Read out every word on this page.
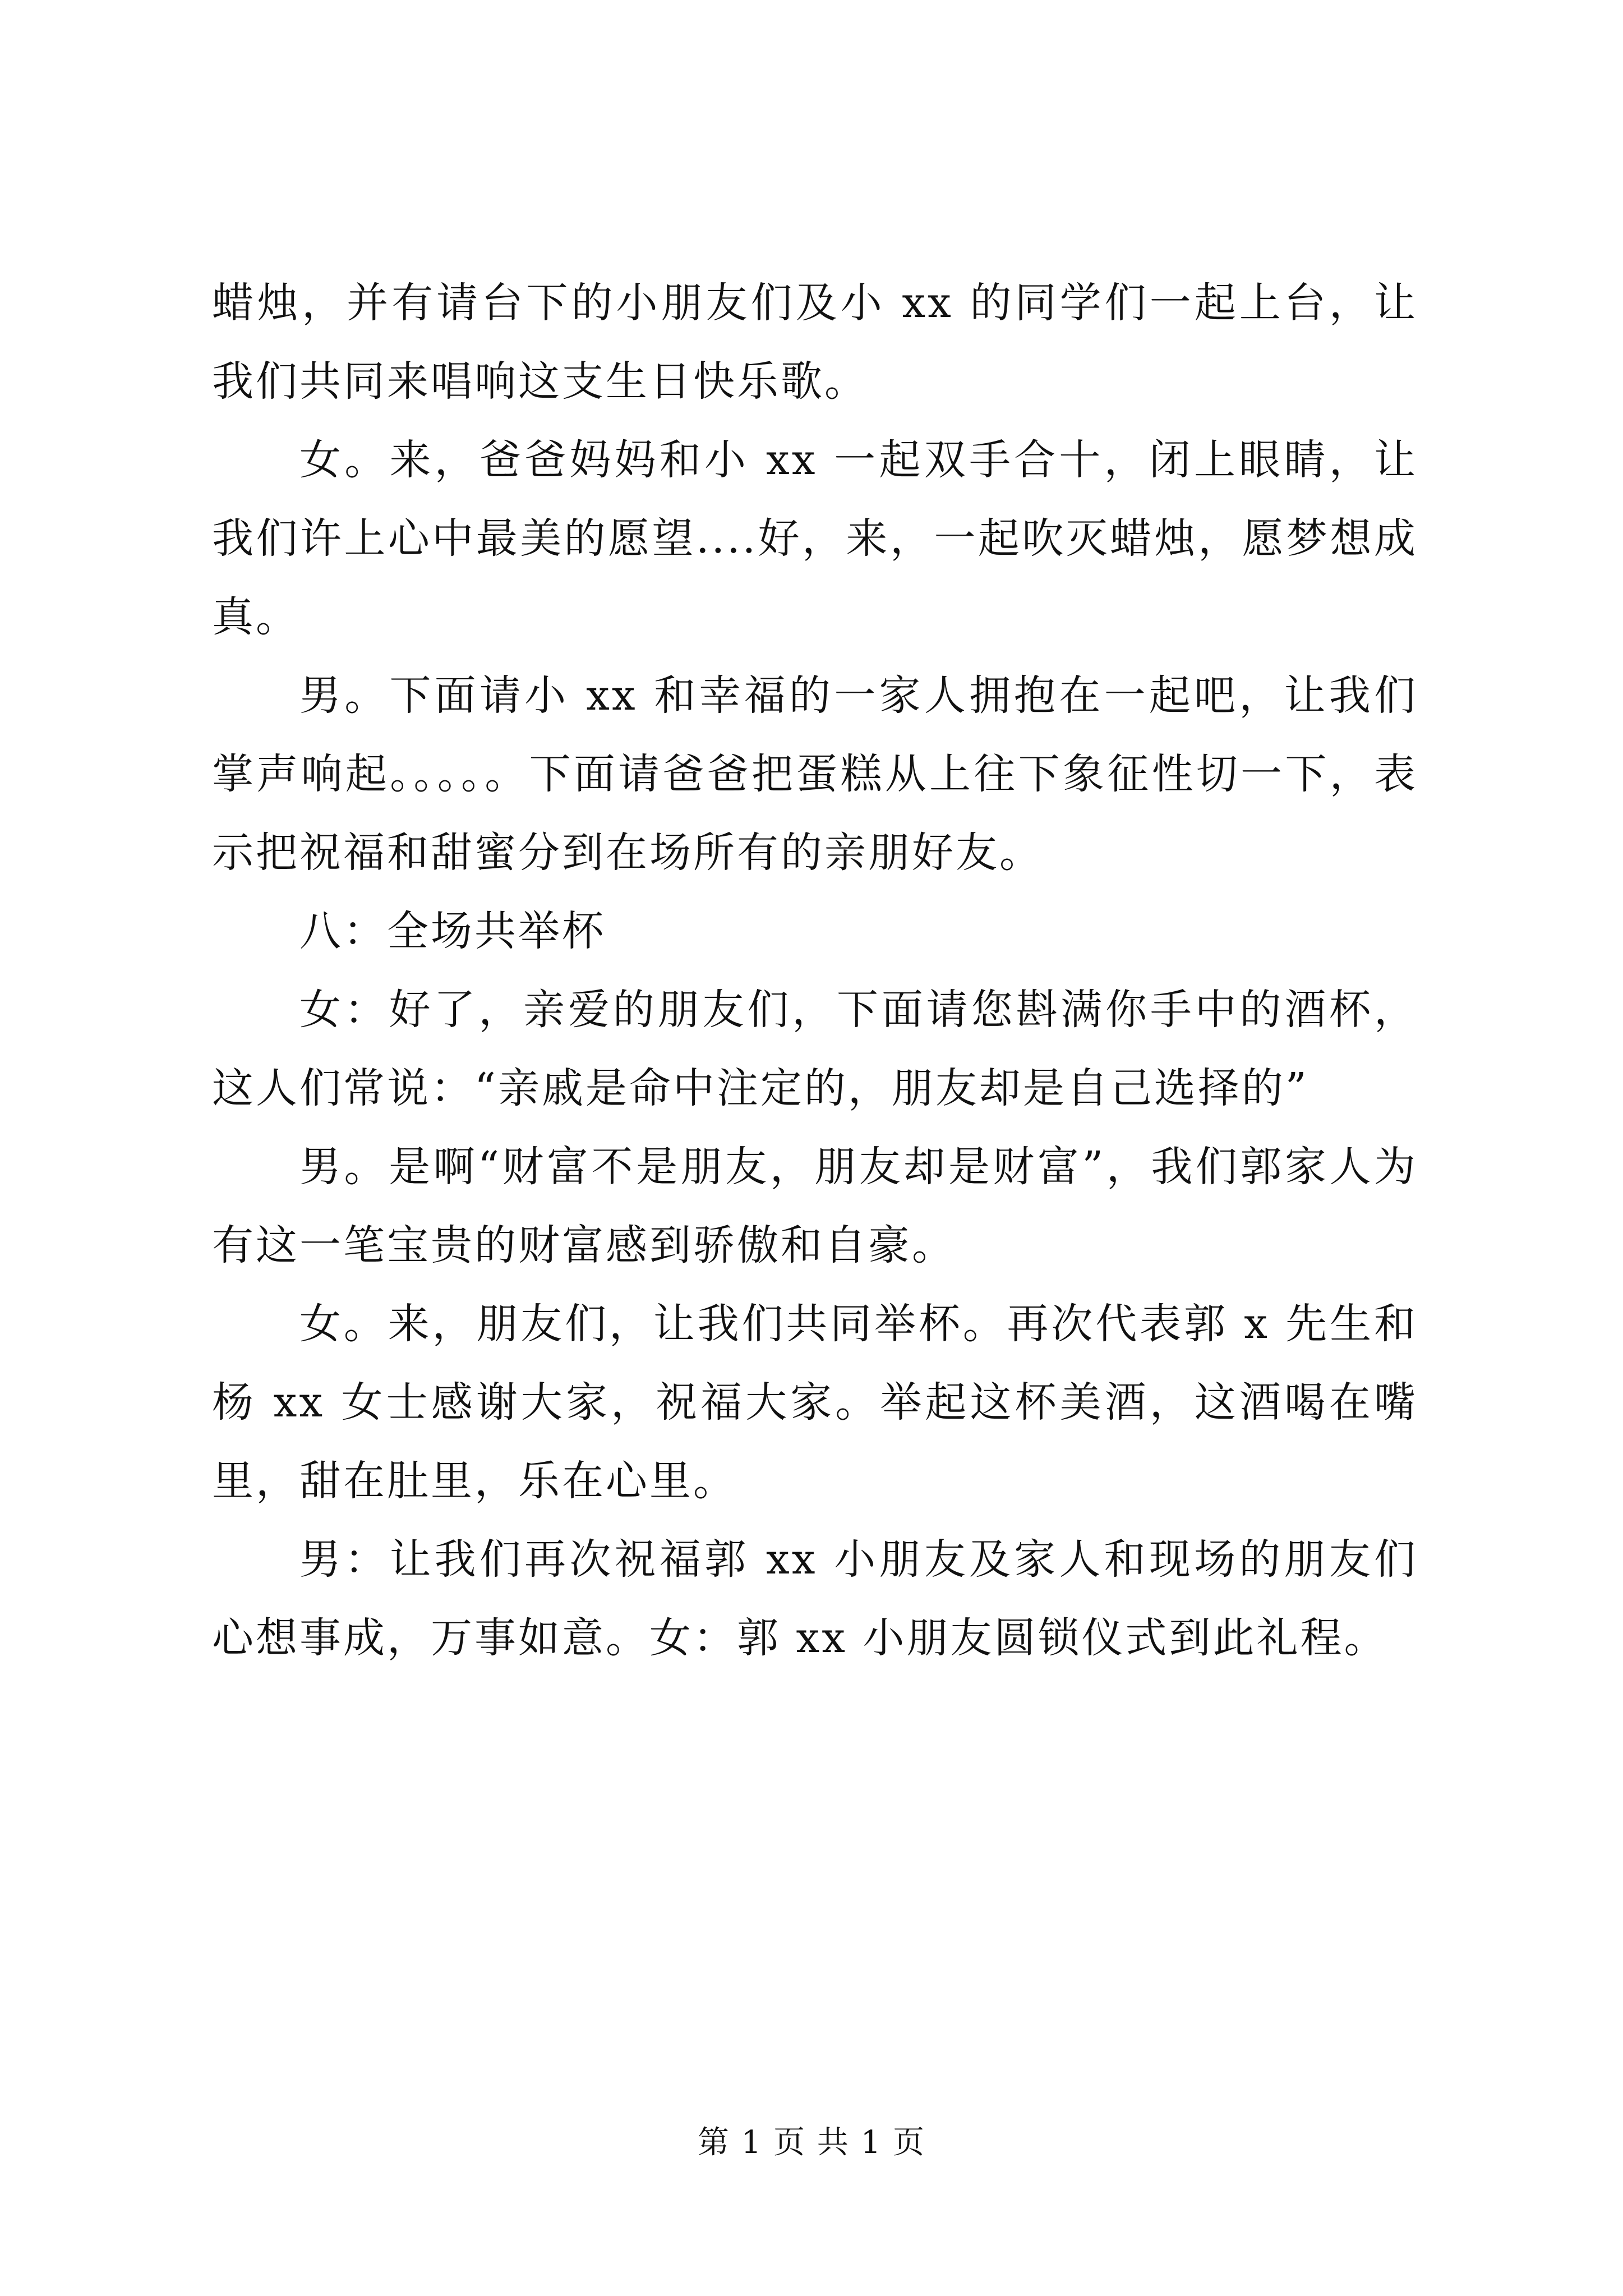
蜡烛，并有请台下的小朋友们及小 xx 的同学们一起上台，让我们共同来唱响这支生日快乐歌。

女。来，爸爸妈妈和小 xx 一起双手合十，闭上眼睛，让我们许上心中最美的愿望....好，来，一起吹灭蜡烛，愿梦想成真。

男。下面请小 xx 和幸福的一家人拥抱在一起吧，让我们掌声响起。。。。。下面请爸爸把蛋糕从上往下象征性切一下，表示把祝福和甜蜜分到在场所有的亲朋好友。

八：全场共举杯

女：好了，亲爱的朋友们，下面请您斟满你手中的酒杯，这人们常说：“亲戚是命中注定的，朋友却是自己选择的”

男。是啊“财富不是朋友，朋友却是财富”，我们郭家人为有这一笔宝贵的财富感到骄傲和自豪。

女。来，朋友们，让我们共同举杯。再次代表郭 x 先生和杨 xx 女士感谢大家，祝福大家。举起这杯美酒，这酒喝在嘴里，甜在肚里，乐在心里。

男：让我们再次祝福郭 xx 小朋友及家人和现场的朋友们心想事成，万事如意。女：郭 xx 小朋友圆锁仪式到此礼程。

第 1 页 共 1 页
